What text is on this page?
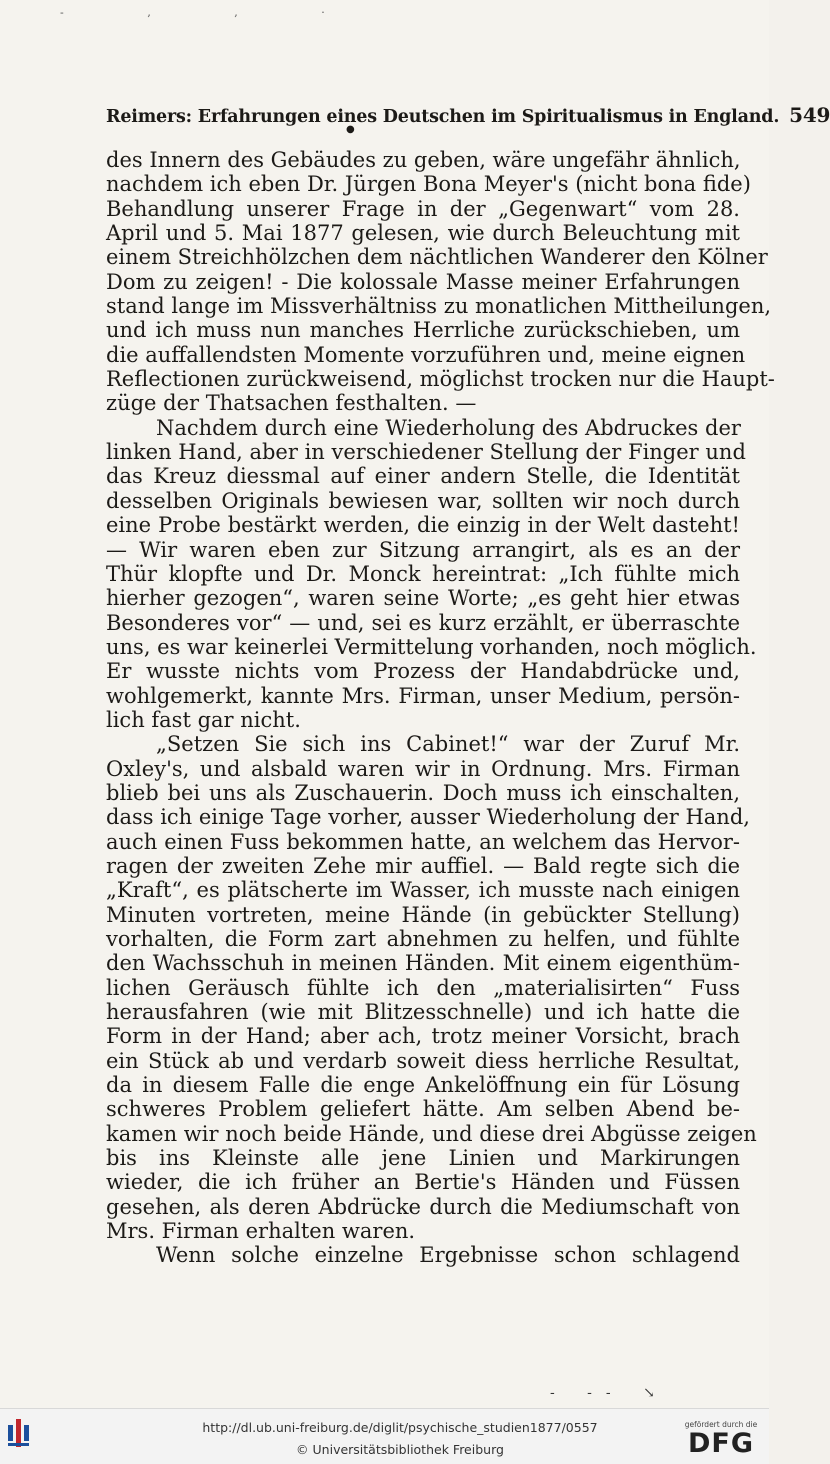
- ‚ , ·
Reimers: Erfahrungen eines Deutschen im Spiritualismus in England. 549
●
des Innern des Gebäudes zu geben, wäre ungefähr ähnlich,
nachdem ich eben Dr. Jürgen Bona Meyer's (nicht bona fide)
Behandlung unserer Frage in der „Gegenwart“ vom 28.
April und 5. Mai 1877 gelesen, wie durch Beleuchtung mit
einem Streichhölzchen dem nächtlichen Wanderer den Kölner
Dom zu zeigen! - Die kolossale Masse meiner Erfahrungen
stand lange im Missverhältniss zu monatlichen Mittheilungen,
und ich muss nun manches Herrliche zurückschieben, um
die auffallendsten Momente vorzuführen und, meine eignen
Reflectionen zurückweisend, möglichst trocken nur die Haupt-
züge der Thatsachen festhalten. —
Nachdem durch eine Wiederholung des Abdruckes der
linken Hand, aber in verschiedener Stellung der Finger und
das Kreuz diessmal auf einer andern Stelle, die Identität
desselben Originals bewiesen war, sollten wir noch durch
eine Probe bestärkt werden, die einzig in der Welt dasteht!
— Wir waren eben zur Sitzung arrangirt, als es an der
Thür klopfte und Dr. Monck hereintrat: „Ich fühlte mich
hierher gezogen“, waren seine Worte; „es geht hier etwas
Besonderes vor“ — und, sei es kurz erzählt, er überraschte
uns, es war keinerlei Vermittelung vorhanden, noch möglich.
Er wusste nichts vom Prozess der Handabdrücke und,
wohlgemerkt, kannte Mrs. Firman, unser Medium, persön-
lich fast gar nicht.
„Setzen Sie sich ins Cabinet!“ war der Zuruf Mr.
Oxley's, und alsbald waren wir in Ordnung. Mrs. Firman
blieb bei uns als Zuschauerin. Doch muss ich einschalten,
dass ich einige Tage vorher, ausser Wiederholung der Hand,
auch einen Fuss bekommen hatte, an welchem das Hervor-
ragen der zweiten Zehe mir auffiel. — Bald regte sich die
„Kraft“, es plätscherte im Wasser, ich musste nach einigen
Minuten vortreten, meine Hände (in gebückter Stellung)
vorhalten, die Form zart abnehmen zu helfen, und fühlte
den Wachsschuh in meinen Händen. Mit einem eigenthüm-
lichen Geräusch fühlte ich den „materialisirten“ Fuss
herausfahren (wie mit Blitzesschnelle) und ich hatte die
Form in der Hand; aber ach, trotz meiner Vorsicht, brach
ein Stück ab und verdarb soweit diess herrliche Resultat,
da in diesem Falle die enge Ankelöffnung ein für Lösung
schweres Problem geliefert hätte. Am selben Abend be-
kamen wir noch beide Hände, und diese drei Abgüsse zeigen
bis ins Kleinste alle jene Linien und Markirungen
wieder, die ich früher an Bertie's Händen und Füssen
gesehen, als deren Abdrücke durch die Mediumschaft von
Mrs. Firman erhalten waren.
Wenn solche einzelne Ergebnisse schon schlagend
- -- ↘
http://dl.ub.uni-freiburg.de/diglit/psychische_studien1877/0557
© Universitätsbibliothek Freiburg
gefördert durch die
DFG
